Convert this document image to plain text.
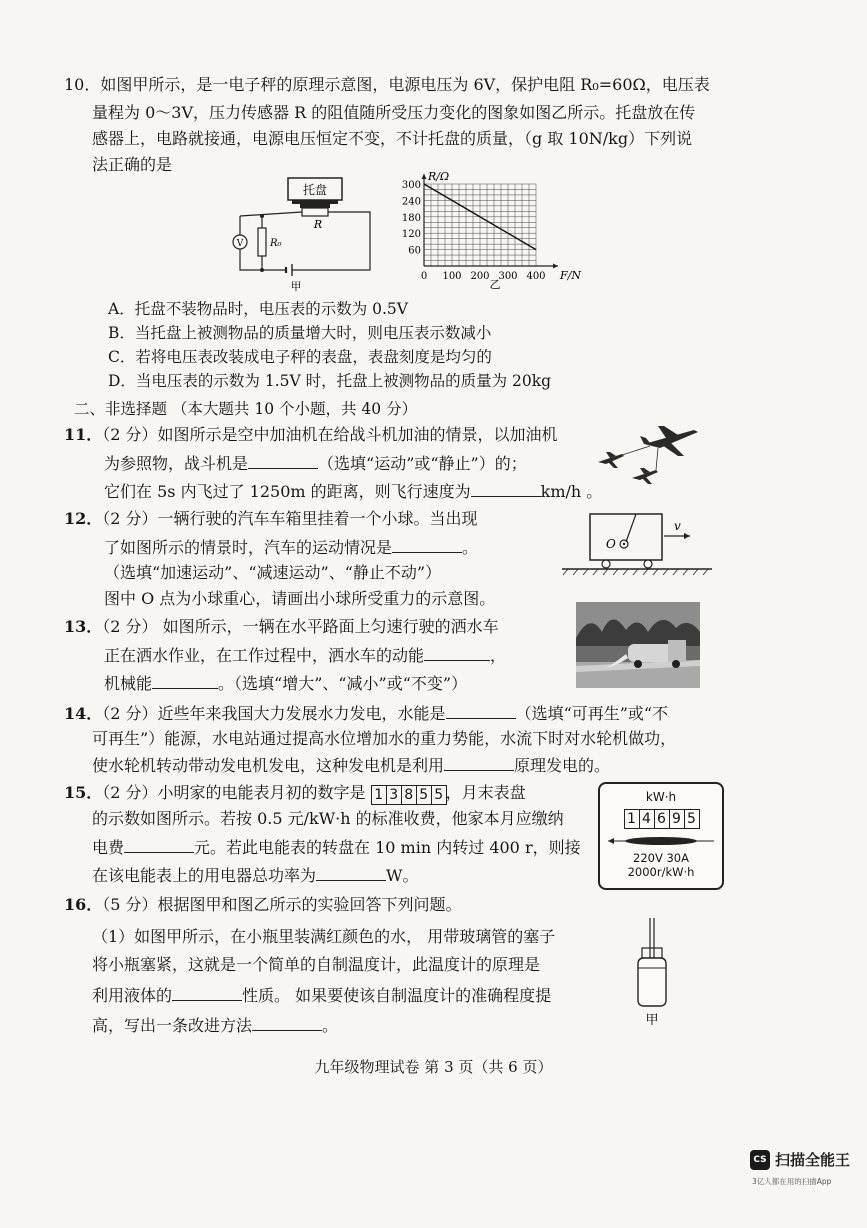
10．如图甲所示，是一电子秤的原理示意图，电源电压为 6V，保护电阻 R₀=60Ω，电压表
量程为 0～3V，压力传感器 R 的阻值随所受压力变化的图象如图乙所示。托盘放在传
感器上，电路就接通，电源电压恒定不变，不计托盘的质量，（g 取 10N/kg）下列说
法正确的是
托盘
R
R₀
V
甲
60
120
180
240
300
0 100 200 300 400
R/Ω
F/N
乙
A．托盘不装物品时，电压表的示数为 0.5V
B．当托盘上被测物品的质量增大时，则电压表示数减小
C．若将电压表改装成电子秤的表盘，表盘刻度是均匀的
D．当电压表的示数为 1.5V 时，托盘上被测物品的质量为 20kg
二、非选择题 （本大题共 10 个小题，共 40 分）
11．（2 分）如图所示是空中加油机在给战斗机加油的情景，以加油机
为参照物，战斗机是	（选填“运动”或“静止”）的；
它们在 5s 内飞过了 1250m 的距离，则飞行速度为	km/h 。
12．（2 分）一辆行驶的汽车车箱里挂着一个小球。当出现
了如图所示的情景时，汽车的运动情况是	。
（选填“加速运动”、“减速运动”、“静止不动”）
图中 O 点为小球重心，请画出小球所受重力的示意图。
O
v
13．（2 分） 如图所示，一辆在水平路面上匀速行驶的洒水车
正在洒水作业，在工作过程中，洒水车的动能	，
机械能	。（选填“增大”、“减小”或“不变”）
14．（2 分）近些年来我国大力发展水力发电，水能是	（选填“可再生”或“不
可再生”）能源，水电站通过提高水位增加水的重力势能，水流下时对水轮机做功，
使水轮机转动带动发电机发电，这种发电机是利用	原理发电的。
15．（2 分）小明家的电能表月初的数字是 1 3 8 5 5 ，月末表盘
的示数如图所示。若按 0.5 元/kW·h 的标准收费，他家本月应缴纳
电费	元。若此电能表的转盘在 10 min 内转过 400 r，则接
在该电能表上的用电器总功率为	W。
kW·h
1 4 6 9 5
220V 30A
2000r/kW·h
16．（5 分）根据图甲和图乙所示的实验回答下列问题。
（1）如图甲所示，在小瓶里装满红颜色的水， 用带玻璃管的塞子
将小瓶塞紧，这就是一个简单的自制温度计，此温度计的原理是
利用液体的	性质。 如果要使该自制温度计的准确程度提
高，写出一条改进方法	。	甲
九年级物理试卷 第 3 页（共 6 页）
CS 扫描全能王
3亿人都在用的扫描App
